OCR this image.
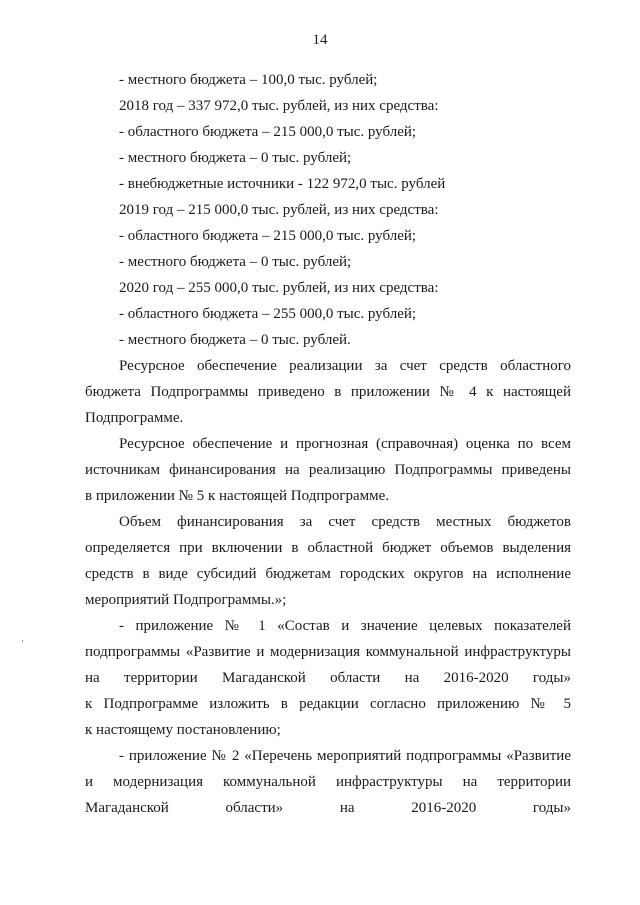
14
- местного бюджета – 100,0 тыс. рублей;
2018 год – 337 972,0 тыс. рублей, из них средства:
- областного бюджета – 215 000,0 тыс. рублей;
- местного бюджета – 0 тыс. рублей;
- внебюджетные источники - 122 972,0 тыс. рублей
2019 год – 215 000,0 тыс. рублей, из них средства:
- областного бюджета – 215 000,0 тыс. рублей;
- местного бюджета – 0 тыс. рублей;
2020 год – 255 000,0 тыс. рублей, из них средства:
- областного бюджета – 255 000,0 тыс. рублей;
- местного бюджета – 0 тыс. рублей.
Ресурсное обеспечение реализации за счет средств областного
бюджета Подпрограммы приведено в приложении № 4 к настоящей
Подпрограмме.
Ресурсное обеспечение и прогнозная (справочная) оценка по всем
источникам финансирования на реализацию Подпрограммы приведены
в приложении № 5 к настоящей Подпрограмме.
Объем финансирования за счет средств местных бюджетов
определяется при включении в областной бюджет объемов выделения
средств в виде субсидий бюджетам городских округов на исполнение
мероприятий Подпрограммы.»;
- приложение № 1 «Состав и значение целевых показателей
подпрограммы «Развитие и модернизация коммунальной инфраструктуры
на территории Магаданской области на 2016-2020 годы»
к Подпрограмме изложить в редакции согласно приложению № 5
к настоящему постановлению;
- приложение № 2 «Перечень мероприятий подпрограммы «Развитие
и модернизация коммунальной инфраструктуры на территории
Магаданской области» на 2016-2020 годы»
